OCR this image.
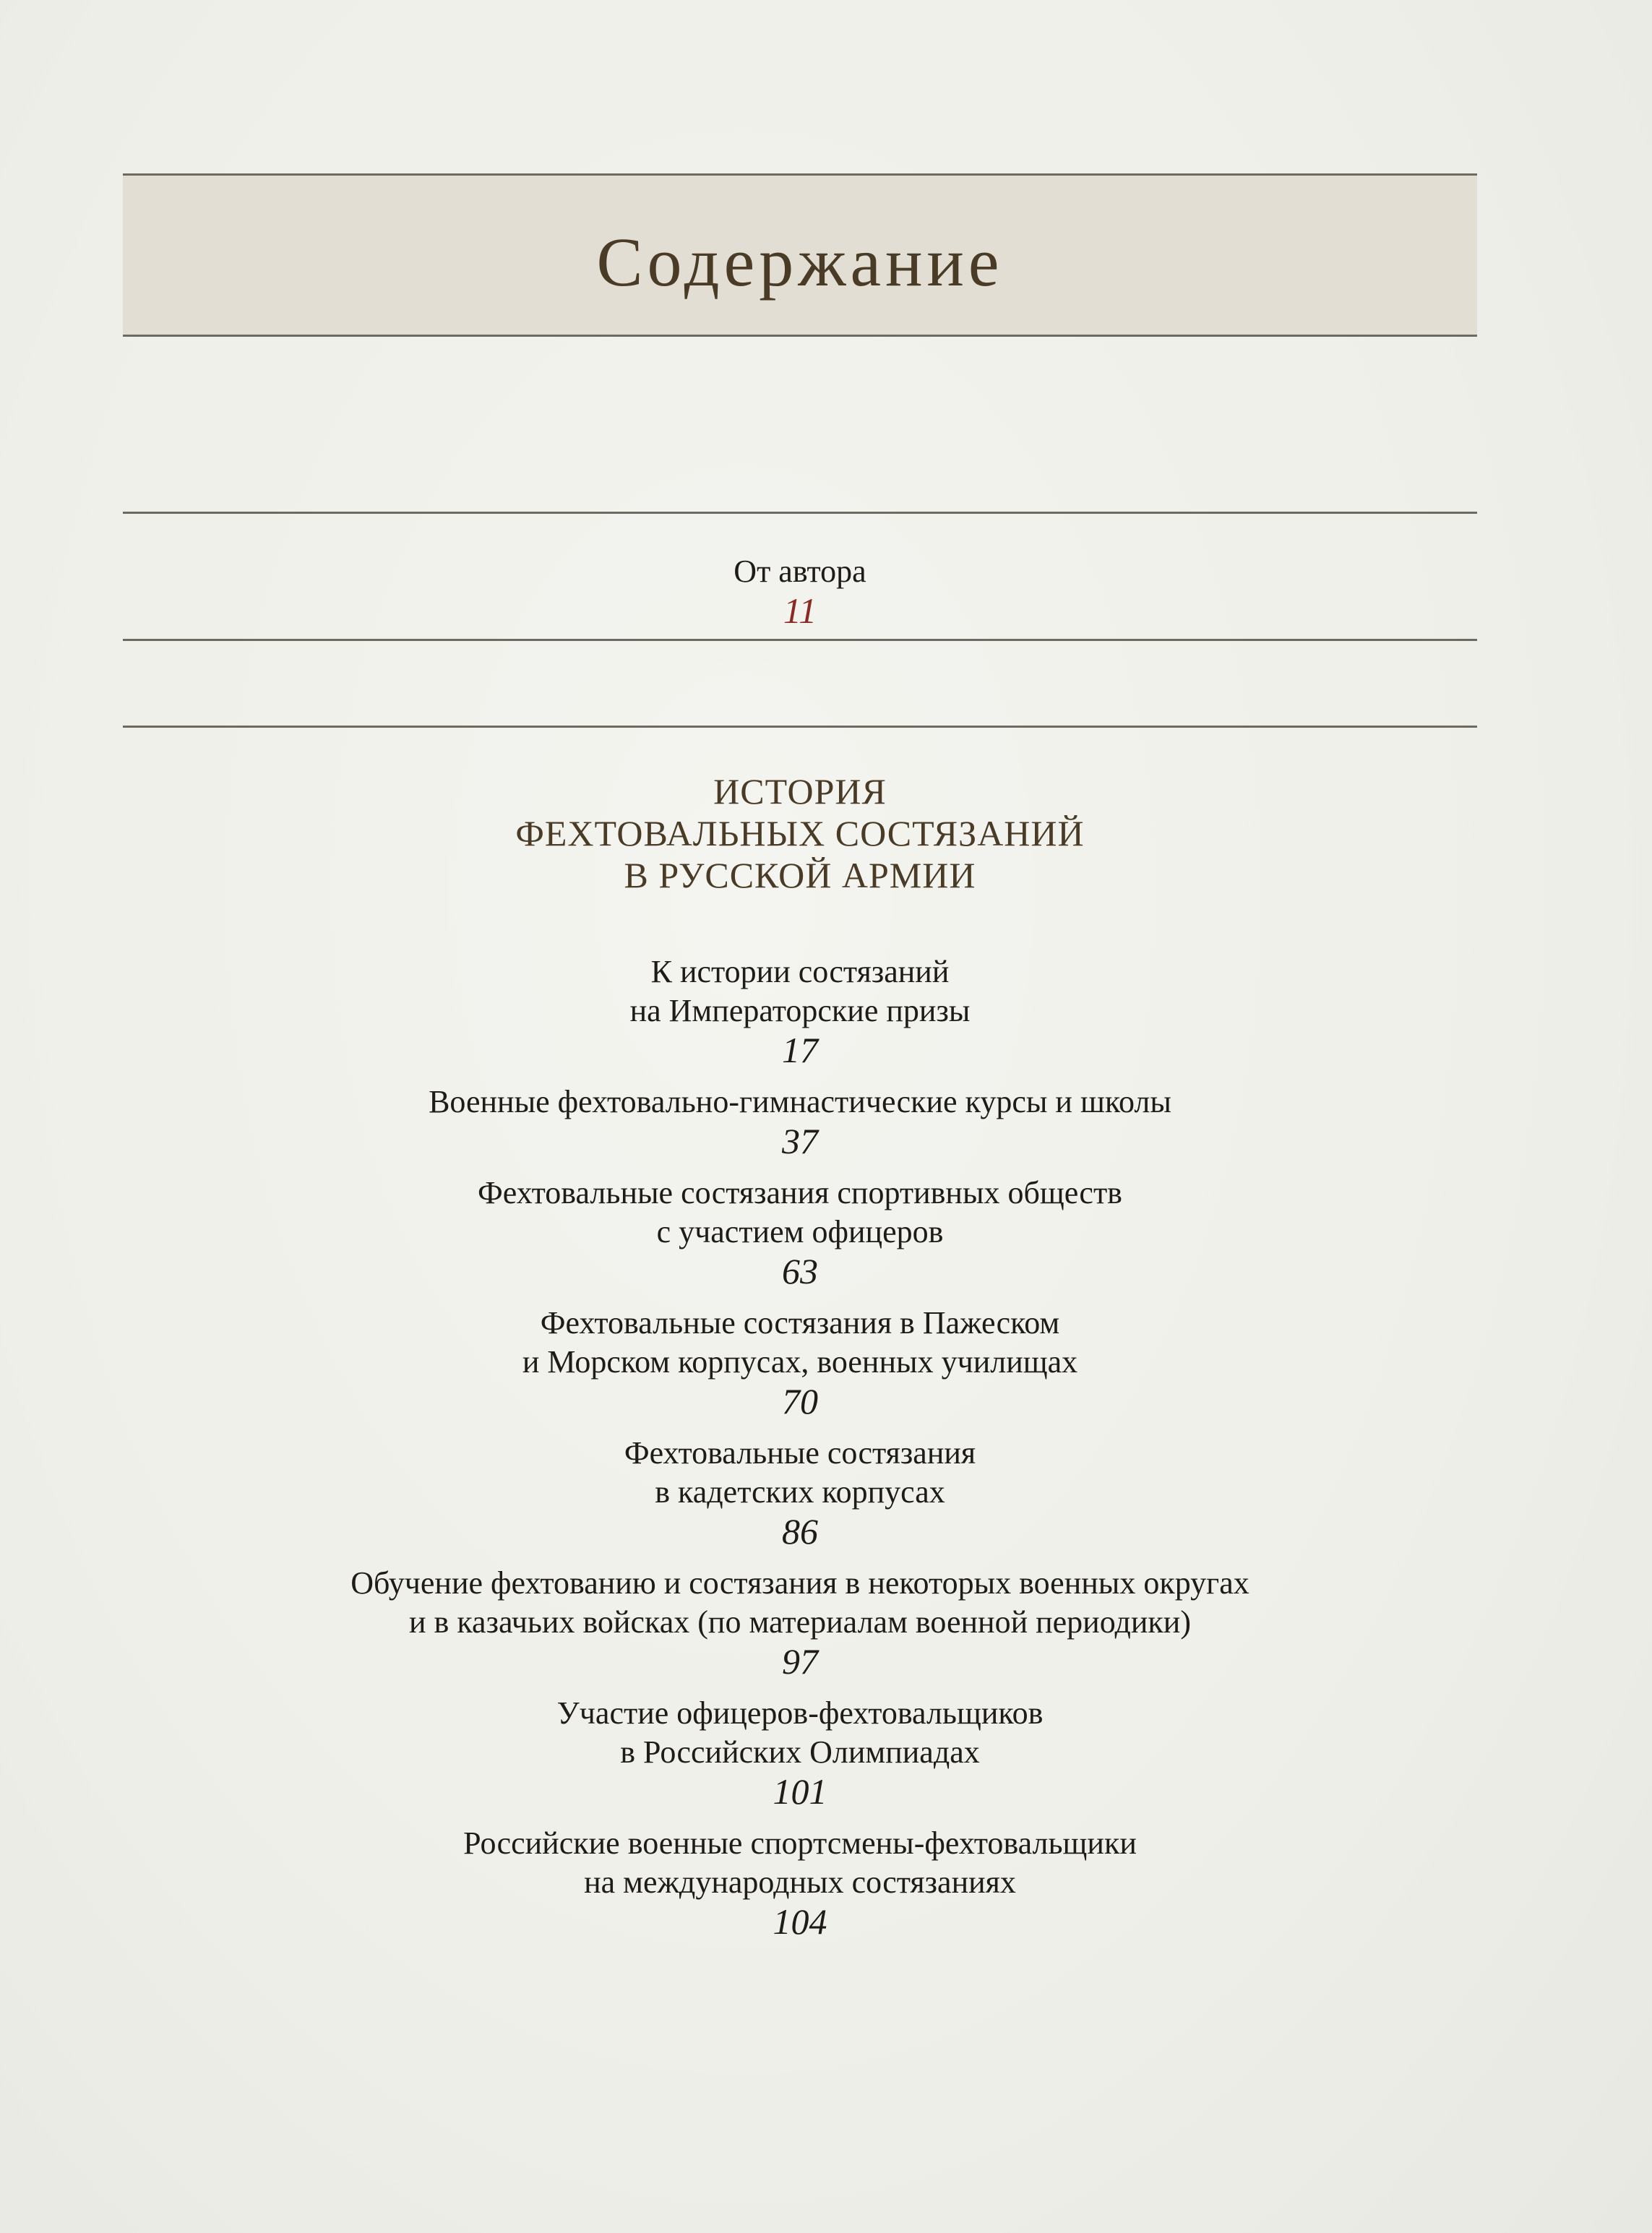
Содержание
От автора
11
ИСТОРИЯ
ФЕХТОВАЛЬНЫХ СОСТЯЗАНИЙ
В РУССКОЙ АРМИИ
К истории состязаний
на Императорские призы
17
Военные фехтовально-гимнастические курсы и школы
37
Фехтовальные состязания спортивных обществ
с участием офицеров
63
Фехтовальные состязания в Пажеском
и Морском корпусах, военных училищах
70
Фехтовальные состязания
в кадетских корпусах
86
Обучение фехтованию и состязания в некоторых военных округах
и в казачьих войсках (по материалам военной периодики)
97
Участие офицеров-фехтовальщиков
в Российских Олимпиадах
101
Российские военные спортсмены-фехтовальщики
на международных состязаниях
104
